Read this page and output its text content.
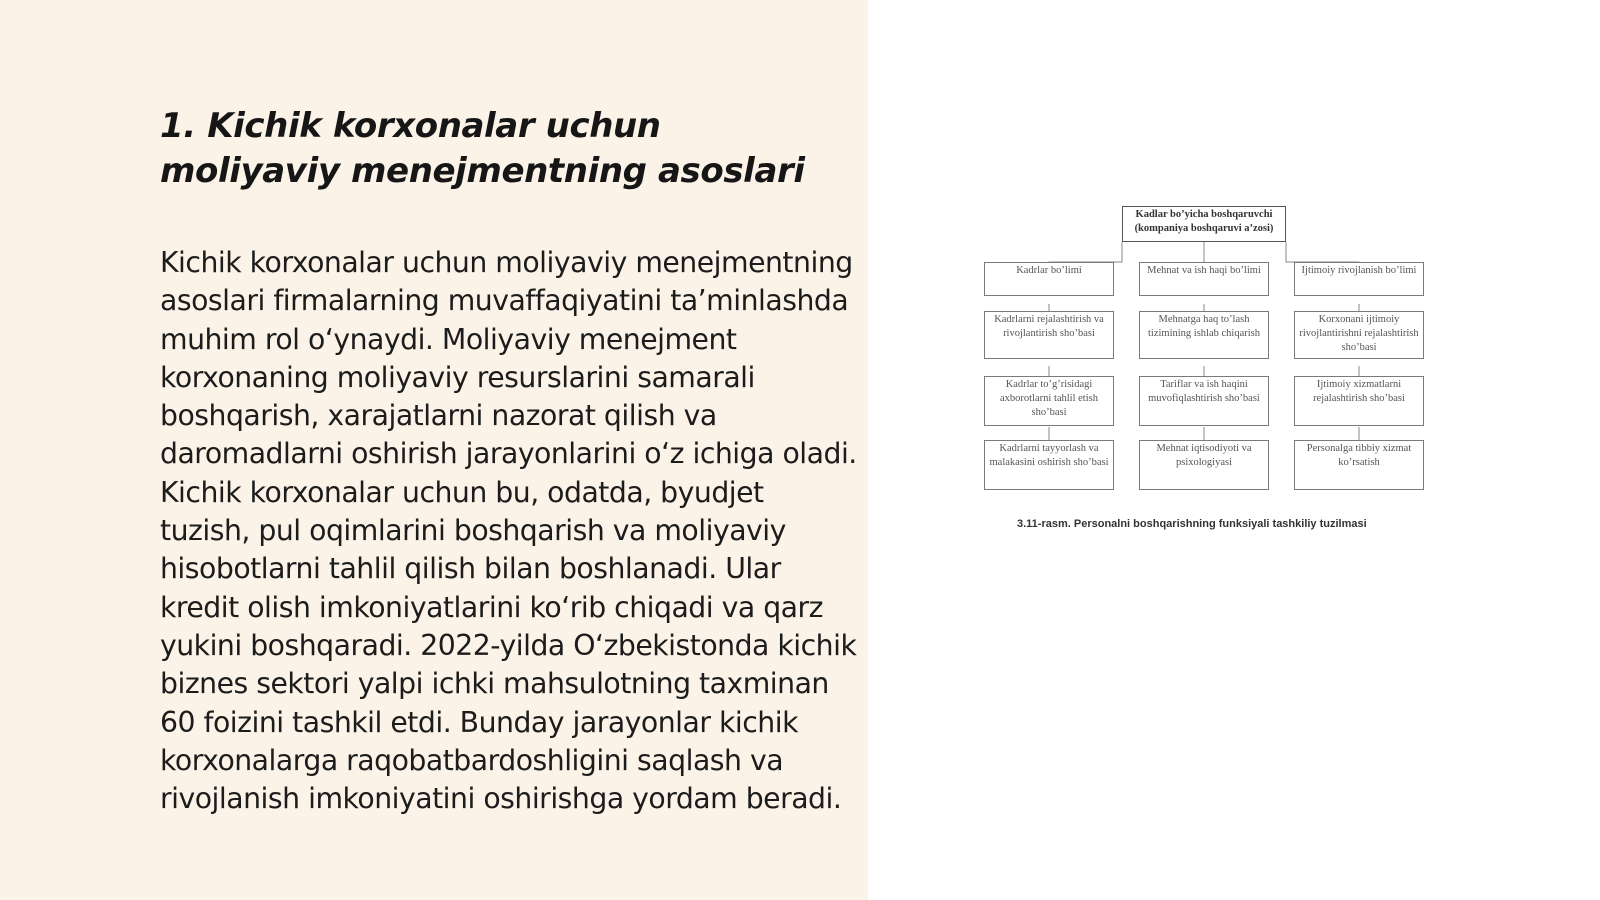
1. Kichik korxonalar uchun moliyaviy menejmentning asoslari

Kichik korxonalar uchun moliyaviy menejmentning asoslari firmalarning muvaffaqiyatini ta’minlashda muhim rol o‘ynaydi. Moliyaviy menejment korxonaning moliyaviy resurslarini samarali boshqarish, xarajatlarni nazorat qilish va daromadlarni oshirish jarayonlarini o‘z ichiga oladi. Kichik korxonalar uchun bu, odatda, byudjet tuzish, pul oqimlarini boshqarish va moliyaviy hisobotlarni tahlil qilish bilan boshlanadi. Ular kredit olish imkoniyatlarini ko‘rib chiqadi va qarz yukini boshqaradi. 2022-yilda O‘zbekistonda kichik biznes sektori yalpi ichki mahsulotning taxminan 60 foizini tashkil etdi. Bunday jarayonlar kichik korxonalarga raqobatbardoshligini saqlash va rivojlanish imkoniyatini oshirishga yordam beradi.

Kadlar bo’yicha boshqaruvchi (kompaniya boshqaruvi a’zosi)
Kadrlar bo’limi	Mehnat va ish haqi bo’limi	Ijtimoiy rivojlanish bo’limi
Kadrlarni rejalashtirish va rivojlantirish sho’basi
Mehnatga haq to’lash tizimining ishlab chiqarish
Korxonani ijtimoiy rivojlantirishni rejalashtirish sho’basi
Kadrlar to’g’risidagi axborotlarni tahlil etish sho’basi
Tariflar va ish haqini muvofiqlashtirish sho’basi
Ijtimoiy xizmatlarni rejalashtirish sho’basi
Kadrlarni tayyorlash va malakasini oshirish sho’basi
Mehnat iqtisodiyoti va psixologiyasi
Personalga tibbiy xizmat ko’rsatish
3.11-rasm. Personalni boshqarishning funksiyali tashkiliy tuzilmasi
